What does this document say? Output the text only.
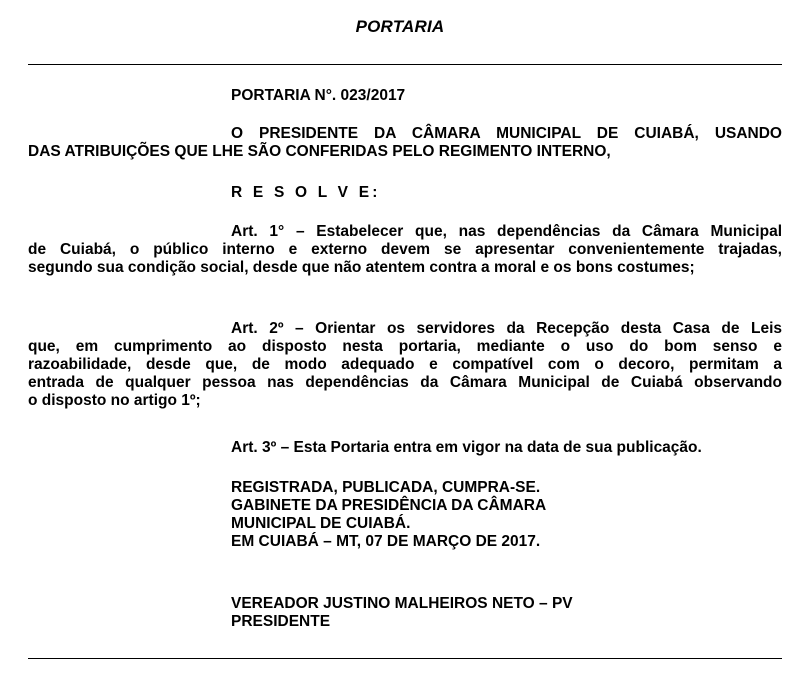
PORTARIA
PORTARIA N°. 023/2017
O PRESIDENTE DA CÂMARA MUNICIPAL DE CUIABÁ, USANDO
DAS ATRIBUIÇÕES QUE LHE SÃO CONFERIDAS PELO REGIMENTO INTERNO,
R E S O L V E:
Art. 1° – Estabelecer que, nas dependências da Câmara Municipal
de Cuiabá, o público interno e externo devem se apresentar convenientemente trajadas,
segundo sua condição social, desde que não atentem contra a moral e os bons costumes;
Art. 2º – Orientar os servidores da Recepção desta Casa de Leis
que, em cumprimento ao disposto nesta portaria, mediante o uso do bom senso e
razoabilidade, desde que, de modo adequado e compatível com o decoro, permitam a
entrada de qualquer pessoa nas dependências da Câmara Municipal de Cuiabá observando
o disposto no artigo 1º;
Art. 3º – Esta Portaria entra em vigor na data de sua publicação.
REGISTRADA, PUBLICADA, CUMPRA-SE.
GABINETE DA PRESIDÊNCIA DA CÂMARA
MUNICIPAL DE CUIABÁ.
EM CUIABÁ – MT, 07 DE MARÇO DE 2017.
VEREADOR JUSTINO MALHEIROS NETO – PV
PRESIDENTE
